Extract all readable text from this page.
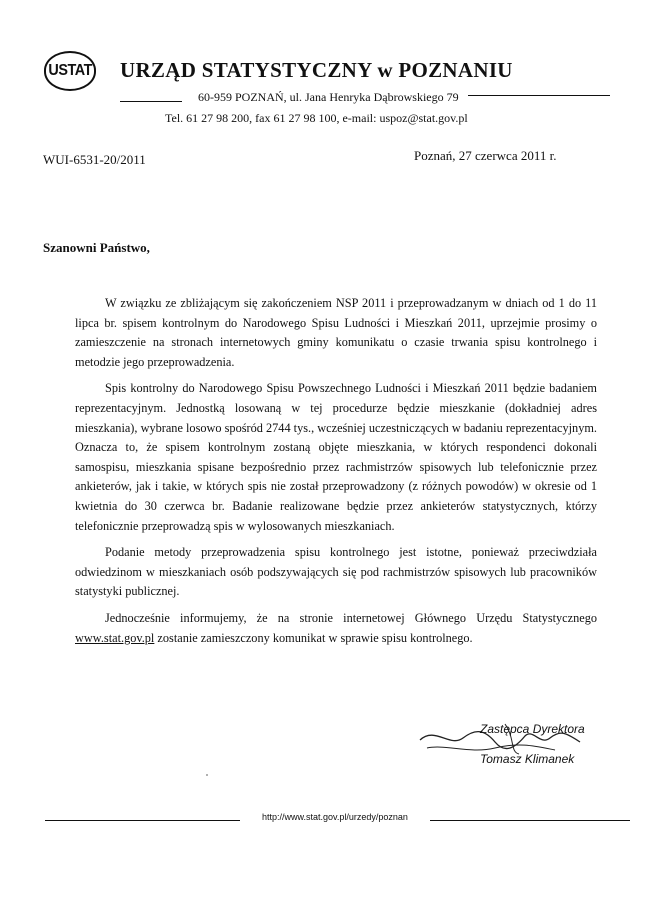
USTAT URZĄD STATYSTYCZNY w POZNANIU
60-959 POZNAŃ, ul. Jana Henryka Dąbrowskiego 79
Tel. 61 27 98 200, fax 61 27 98 100, e-mail: uspoz@stat.gov.pl
WUI-6531-20/2011	Poznań, 27 czerwca 2011 r.
Szanowni Państwo,

W związku ze zbliżającym się zakończeniem NSP 2011 i przeprowadzanym w dniach od 1 do 11 lipca br. spisem kontrolnym do Narodowego Spisu Ludności i Mieszkań 2011, uprzejmie prosimy o zamieszczenie na stronach internetowych gminy komunikatu o czasie trwania spisu kontrolnego i metodzie jego przeprowadzenia.

Spis kontrolny do Narodowego Spisu Powszechnego Ludności i Mieszkań 2011 będzie badaniem reprezentacyjnym. Jednostką losowaną w tej procedurze będzie mieszkanie (dokładniej adres mieszkania), wybrane losowo spośród 2744 tys., wcześniej uczestniczących w badaniu reprezentacyjnym. Oznacza to, że spisem kontrolnym zostaną objęte mieszkania, w których respondenci dokonali samospisu, mieszkania spisane bezpośrednio przez rachmistrzów spisowych lub telefonicznie przez ankieterów, jak i takie, w których spis nie został przeprowadzony (z różnych powodów) w okresie od 1 kwietnia do 30 czerwca br. Badanie realizowane będzie przez ankieterów statystycznych, którzy telefonicznie przeprowadzą spis w wylosowanych mieszkaniach.

Podanie metody przeprowadzenia spisu kontrolnego jest istotne, ponieważ przeciwdziała odwiedzinom w mieszkaniach osób podszywających się pod rachmistrzów spisowych lub pracowników statystyki publicznej.

Jednocześnie informujemy, że na stronie internetowej Głównego Urzędu Statystycznego www.stat.gov.pl zostanie zamieszczony komunikat w sprawie spisu kontrolnego.

Zastępca Dyrektora
Tomasz Klimanek
http://www.stat.gov.pl/urzedy/poznan
